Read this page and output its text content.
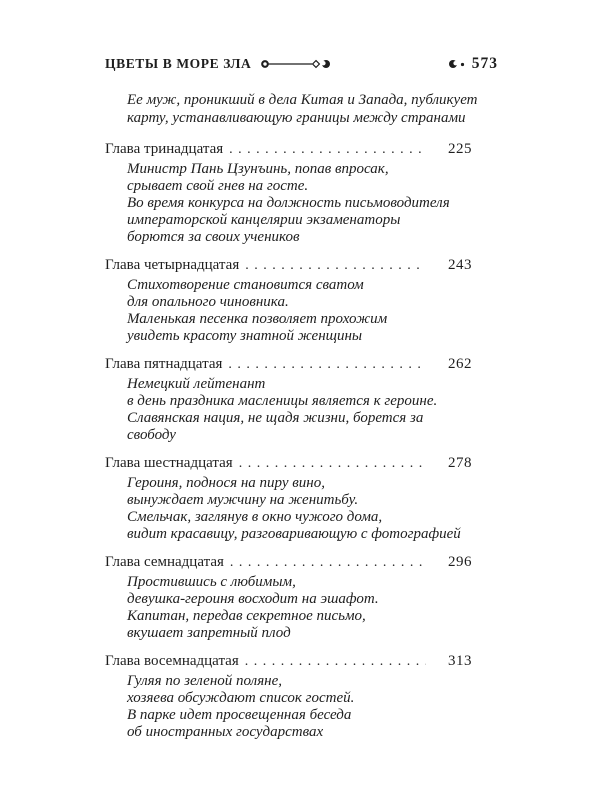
ЦВЕТЫ В МОРЕ ЗЛА	573
Ее муж, проникший в дела Китая и Запада, публикует
карту, устанавливающую границы между странами
Глава тринадцатая .....	225
Министр Пань Цзунъинь, попав впросак,
срывает свой гнев на госте.
Во время конкурса на должность письмоводителя
императорской канцелярии экзаменаторы
борются за своих учеников
Глава четырнадцатая .....	243
Стихотворение становится сватом
для опального чиновника.
Маленькая песенка позволяет прохожим
увидеть красоту знатной женщины
Глава пятнадцатая .....	262
Немецкий лейтенант
в день праздника масленицы является к героине.
Славянская нация, не щадя жизни, борется за свободу
Глава шестнадцатая .....	278
Героиня, поднося на пиру вино,
вынуждает мужчину на женитьбу.
Смельчак, заглянув в окно чужого дома,
видит красавицу, разговаривающую с фотографией
Глава семнадцатая .....	296
Простившись с любимым,
девушка-героиня восходит на эшафот.
Капитан, передав секретное письмо,
вкушает запретный плод
Глава восемнадцатая .....	313
Гуляя по зеленой поляне,
хозяева обсуждают список гостей.
В парке идет просвещенная беседа
об иностранных государствах
